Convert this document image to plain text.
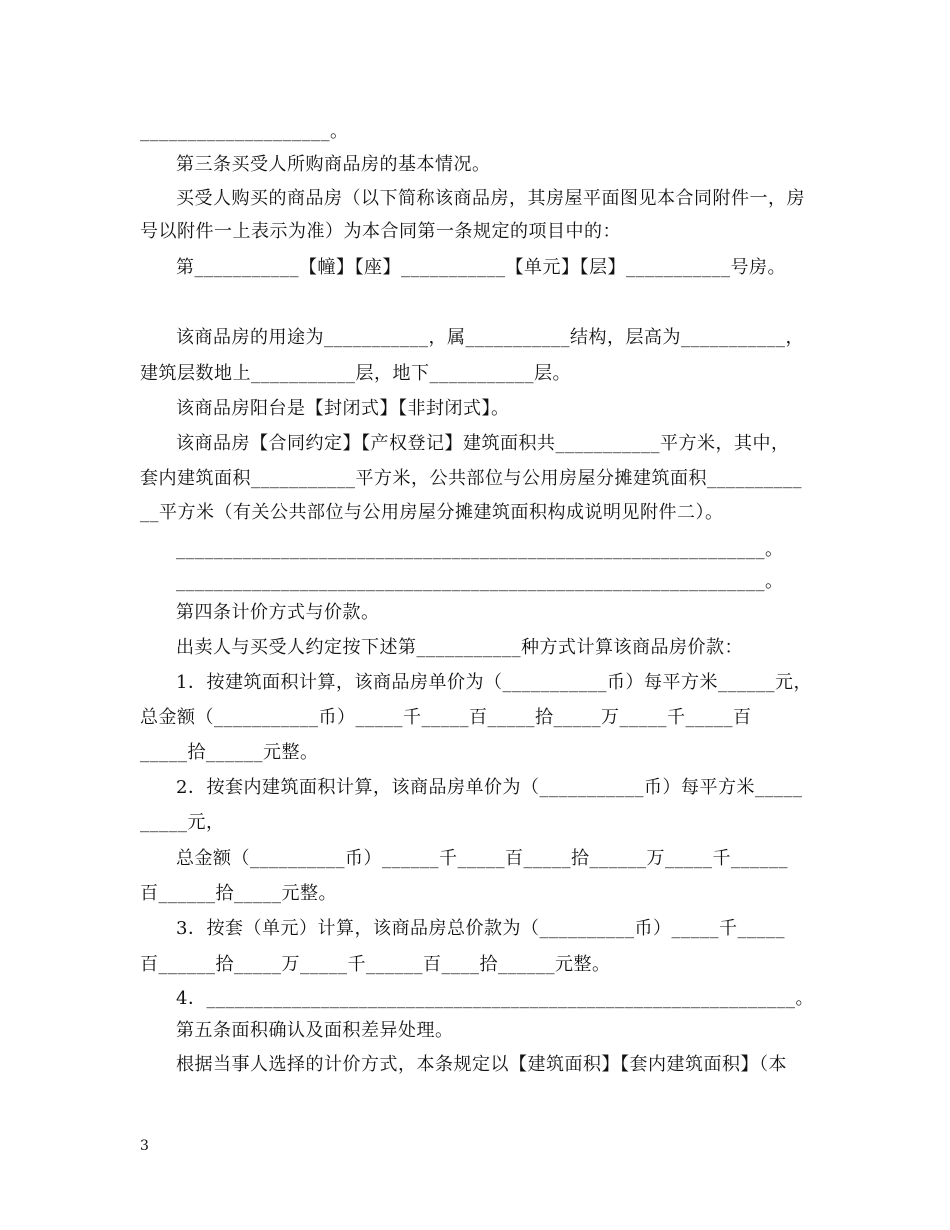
____________________。
第三条买受人所购商品房的基本情况。
买受人购买的商品房（以下简称该商品房，其房屋平面图见本合同附件一，房
号以附件一上表示为准）为本合同第一条规定的项目中的：
第___________【幢】【座】___________【单元】【层】___________号房。
该商品房的用途为___________，属___________结构，层高为___________，
建筑层数地上___________层，地下___________层。
该商品房阳台是【封闭式】【非封闭式】。
该商品房【合同约定】【产权登记】建筑面积共___________平方米，其中，
套内建筑面积___________平方米，公共部位与公用房屋分摊建筑面积__________
__平方米（有关公共部位与公用房屋分摊建筑面积构成说明见附件二）。
______________________________________________________________。
______________________________________________________________。
第四条计价方式与价款。
出卖人与买受人约定按下述第___________种方式计算该商品房价款：
1．按建筑面积计算，该商品房单价为（___________币）每平方米______元，
总金额（___________币）_____千_____百_____拾_____万_____千_____百
_____拾______元整。
2．按套内建筑面积计算，该商品房单价为（___________币）每平方米_____
_____元，
总金额（__________币）______千_____百_____拾______万_____千______
百______拾_____元整。
3．按套（单元）计算，该商品房总价款为（__________币）_____千_____
百______拾_____万_____千______百____拾______元整。
4．______________________________________________________________。
第五条面积确认及面积差异处理。
根据当事人选择的计价方式，本条规定以【建筑面积】【套内建筑面积】（本
3
